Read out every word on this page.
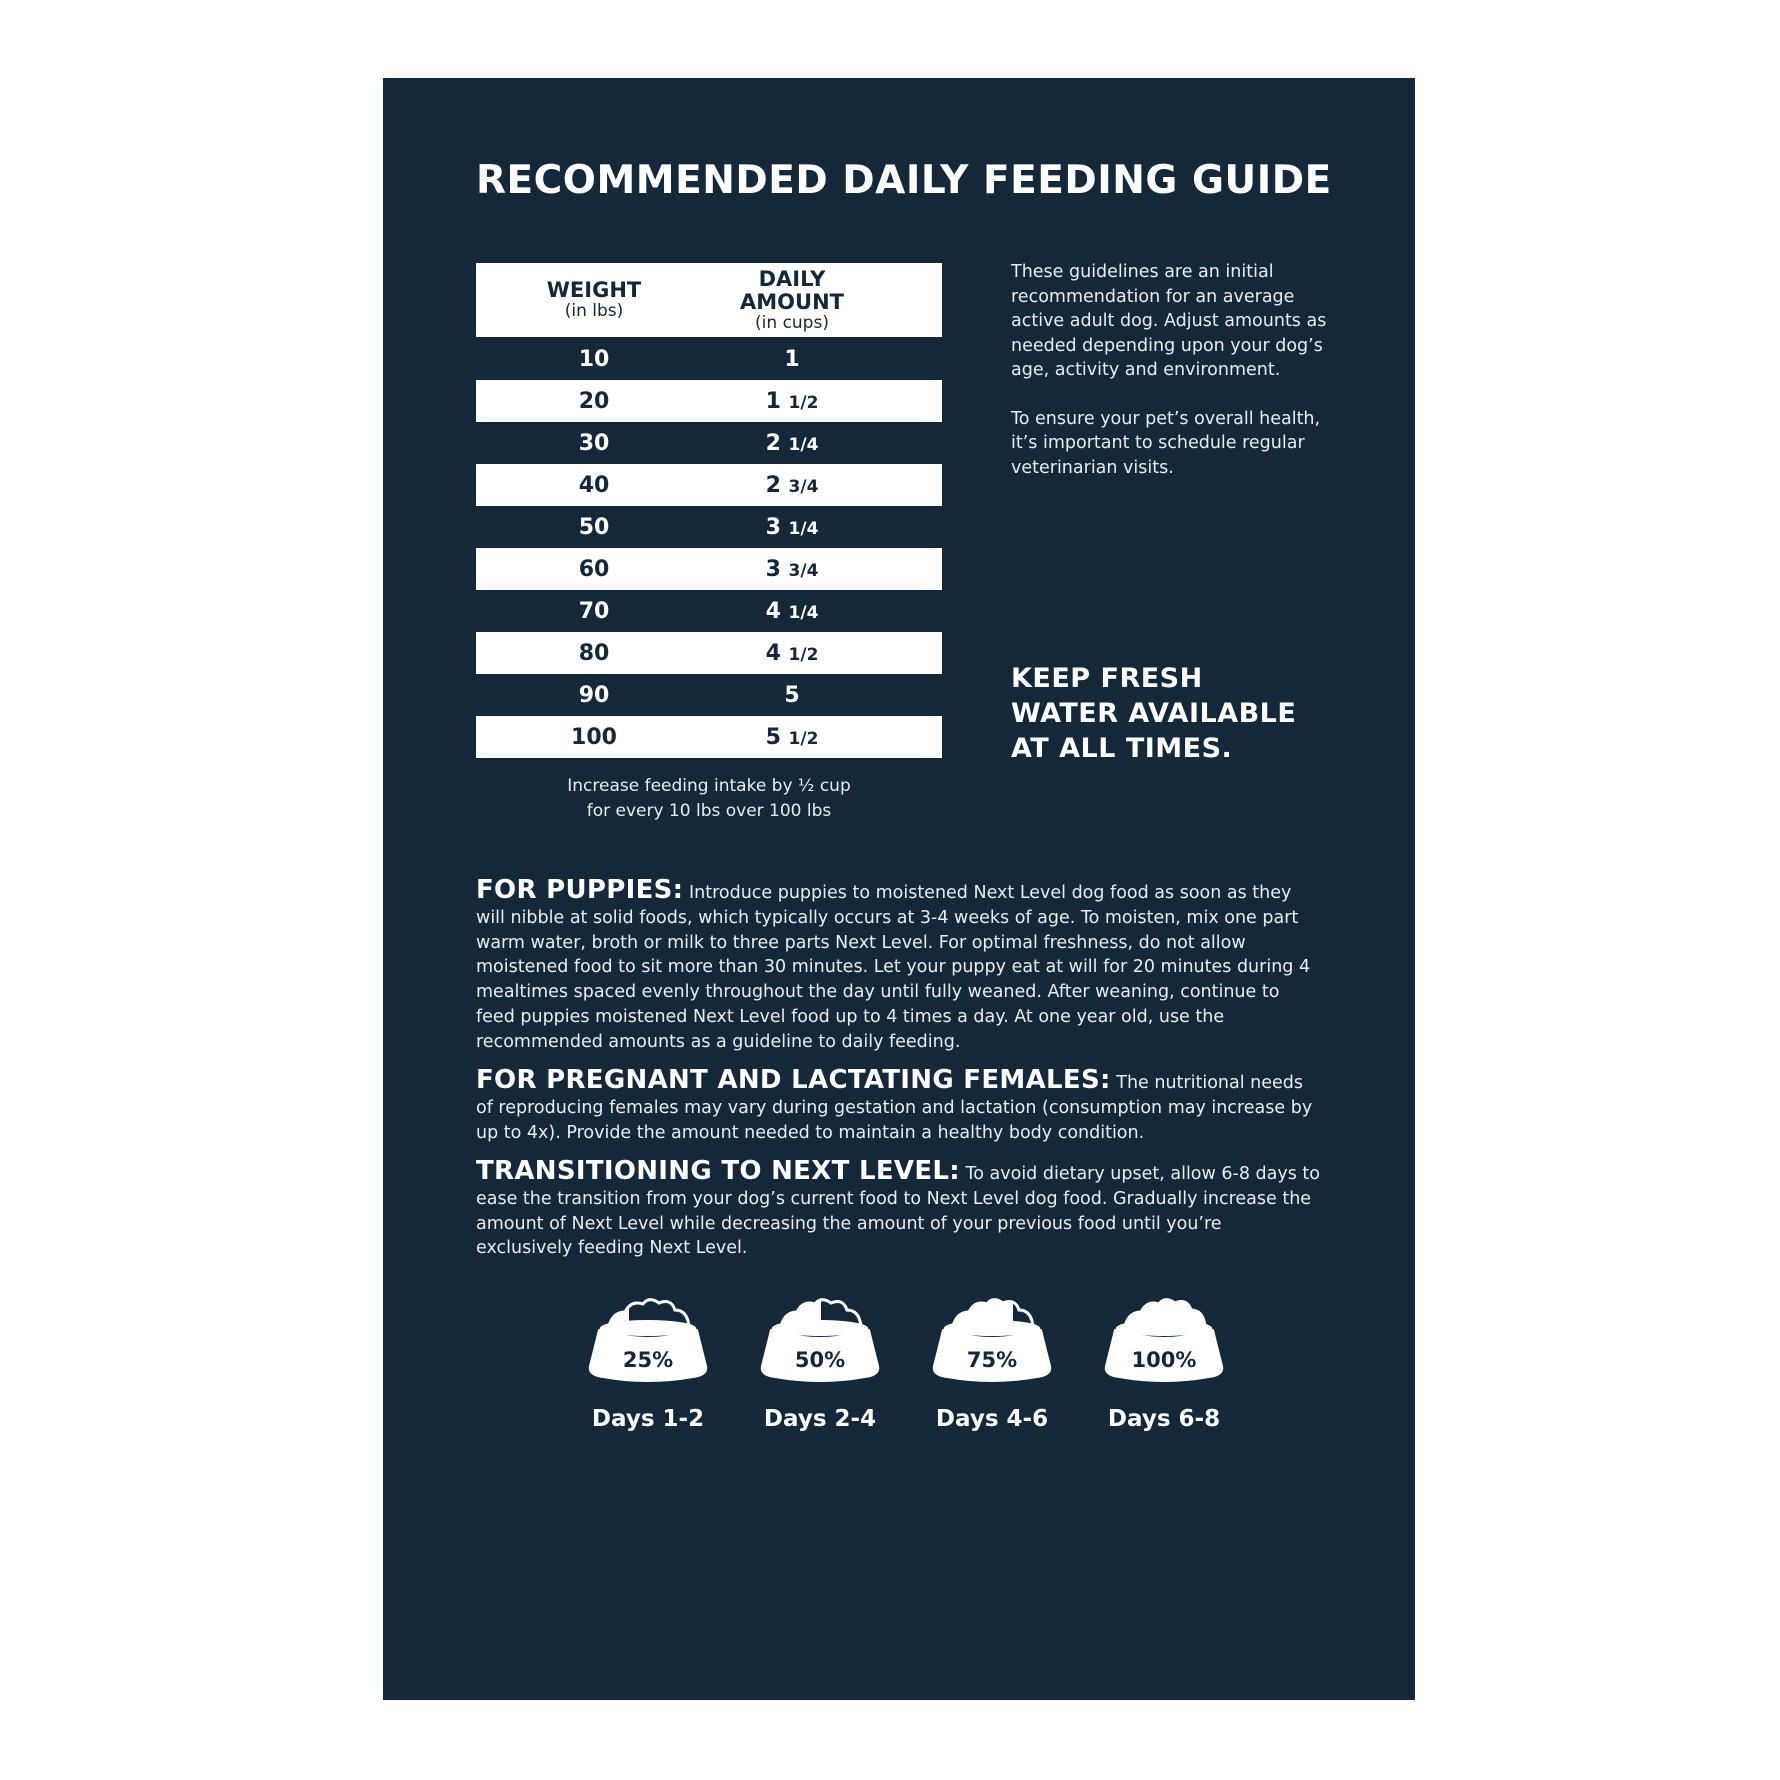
RECOMMENDED DAILY FEEDING GUIDE
WEIGHT
(in lbs)
DAILY AMOUNT
(in cups)
10	1
20	1 1/2
30	2 1/4
40	2 3/4
50	3 1/4
60	3 3/4
70	4 1/4
80	4 1/2
90	5
100	5 1/2
Increase feeding intake by ½ cup
for every 10 lbs over 100 lbs

These guidelines are an initial recommendation for an average active adult dog. Adjust amounts as needed depending upon your dog’s age, activity and environment.

To ensure your pet’s overall health, it’s important to schedule regular veterinarian visits.

KEEP FRESH WATER AVAILABLE AT ALL TIMES.
FOR PUPPIES: Introduce puppies to moistened Next Level dog food as soon as they will nibble at solid foods, which typically occurs at 3-4 weeks of age. To moisten, mix one part warm water, broth or milk to three parts Next Level. For optimal freshness, do not allow moistened food to sit more than 30 minutes. Let your puppy eat at will for 20 minutes during 4 mealtimes spaced evenly throughout the day until fully weaned. After weaning, continue to feed puppies moistened Next Level food up to 4 times a day. At one year old, use the recommended amounts as a guideline to daily feeding.
FOR PREGNANT AND LACTATING FEMALES: The nutritional needs of reproducing females may vary during gestation and lactation (consumption may increase by up to 4x). Provide the amount needed to maintain a healthy body condition.
TRANSITIONING TO NEXT LEVEL: To avoid dietary upset, allow 6-8 days to ease the transition from your dog’s current food to Next Level dog food. Gradually increase the amount of Next Level while decreasing the amount of your previous food until you’re exclusively feeding Next Level.
25%
Days 1-2
50%
Days 2-4
75%
Days 4-6
100%
Days 6-8
